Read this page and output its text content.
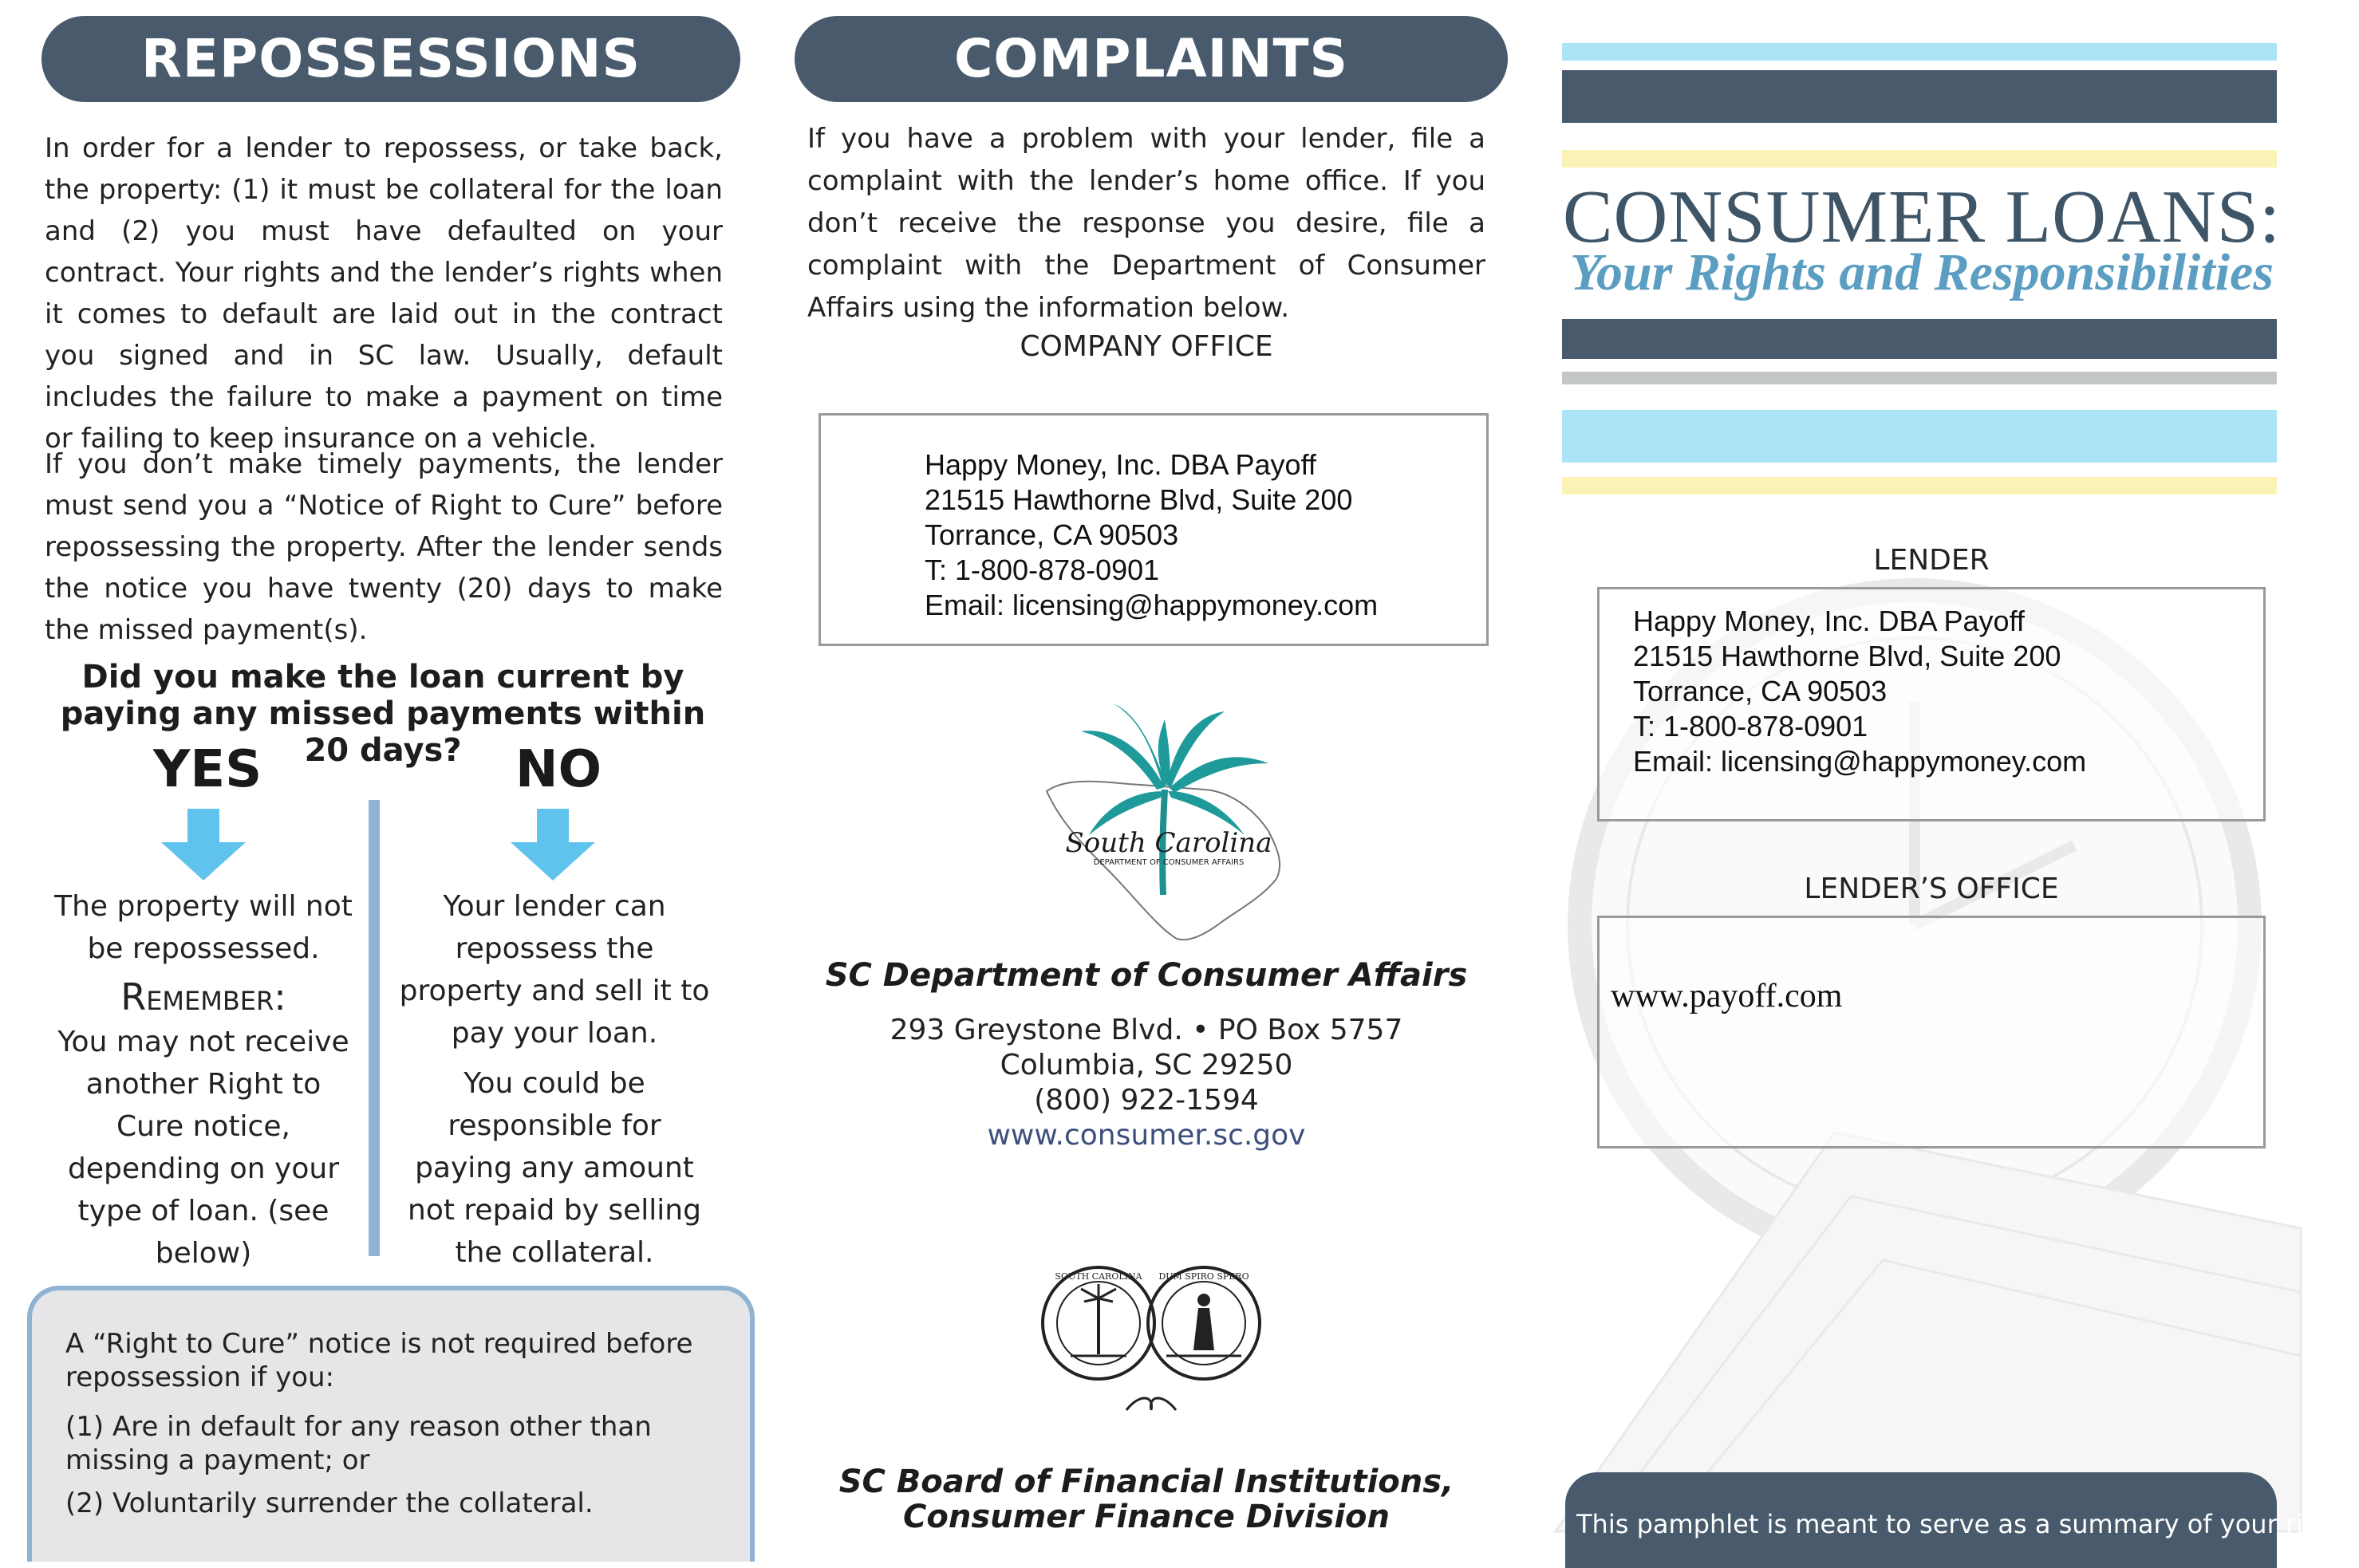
REPOSSESSIONS
In order for a lender to repossess, or take back, the property: (1) it must be collateral for the loan and (2) you must have defaulted on your contract. Your rights and the lender’s rights when it comes to default are laid out in the contract you signed and in SC law. Usually, default includes the failure to make a payment on time or failing to keep insurance on a vehicle.
If you don’t make timely payments, the lender must send you a “Notice of Right to Cure” before repossessing the property. After the lender sends the notice you have twenty (20) days to make the missed payment(s).
Did you make the loan current by paying any missed payments within 20 days?
YES	NO
The property will not be repossessed.
Remember:
You may not receive another Right to Cure notice, depending on your type of loan. (see below)
Your lender can repossess the property and sell it to pay your loan.
You could be responsible for paying any amount not repaid by selling the collateral.
A “Right to Cure” notice is not required before repossession if you:
(1) Are in default for any reason other than missing a payment; or
(2) Voluntarily surrender the collateral.
COMPLAINTS
If you have a problem with your lender, file a complaint with the lender’s home office. If you don’t receive the response you desire, file a complaint with the Department of Consumer Affairs using the information below.
COMPANY OFFICE
Happy Money, Inc. DBA Payoff
21515 Hawthorne Blvd, Suite 200
Torrance, CA 90503
T: 1-800-878-0901
Email: licensing@happymoney.com
South Carolina
DEPARTMENT OF CONSUMER AFFAIRS
SC Department of Consumer Affairs
293 Greystone Blvd. • PO Box 5757
Columbia, SC 29250
(800) 922-1594
www.consumer.sc.gov
SOUTH CAROLINA DUM SPIRO SPERO
SC Board of Financial Institutions,
Consumer Finance Division
CONSUMER LOANS:
Your Rights and Responsibilities
LENDER
Happy Money, Inc. DBA Payoff
21515 Hawthorne Blvd, Suite 200
Torrance, CA 90503
T: 1-800-878-0901
Email: licensing@happymoney.com
LENDER’S OFFICE
www.payoff.com
This pamphlet is meant to serve as a summary of your rights
